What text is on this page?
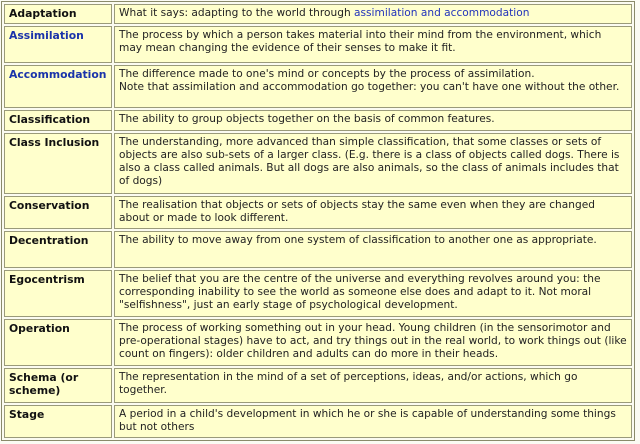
Adaptation	What it says: adapting to the world through assimilation and accommodation
Assimilation	The process by which a person takes material into their mind from the environment, which may mean changing the evidence of their senses to make it fit.
Accommodation	The difference made to one's mind or concepts by the process of assimilation.
Note that assimilation and accommodation go together: you can't have one without the other.

Classification	The ability to group objects together on the basis of common features.
Class Inclusion	The understanding, more advanced than simple classification, that some classes or sets of objects are also sub-sets of a larger class. (E.g. there is a class of objects called dogs. There is also a class called animals. But all dogs are also animals, so the class of animals includes that of dogs)
Conservation	The realisation that objects or sets of objects stay the same even when they are changed about or made to look different.
Decentration	The ability to move away from one system of classification to another one as appropriate.
Egocentrism	The belief that you are the centre of the universe and everything revolves around you: the corresponding inability to see the world as someone else does and adapt to it. Not moral "selfishness", just an early stage of psychological development.
Operation	The process of working something out in your head. Young children (in the sensorimotor and pre-operational stages) have to act, and try things out in the real world, to work things out (like count on fingers): older children and adults can do more in their heads.
Schema (or scheme)	The representation in the mind of a set of perceptions, ideas, and/or actions, which go together.
Stage	A period in a child's development in which he or she is capable of understanding some things but not others
